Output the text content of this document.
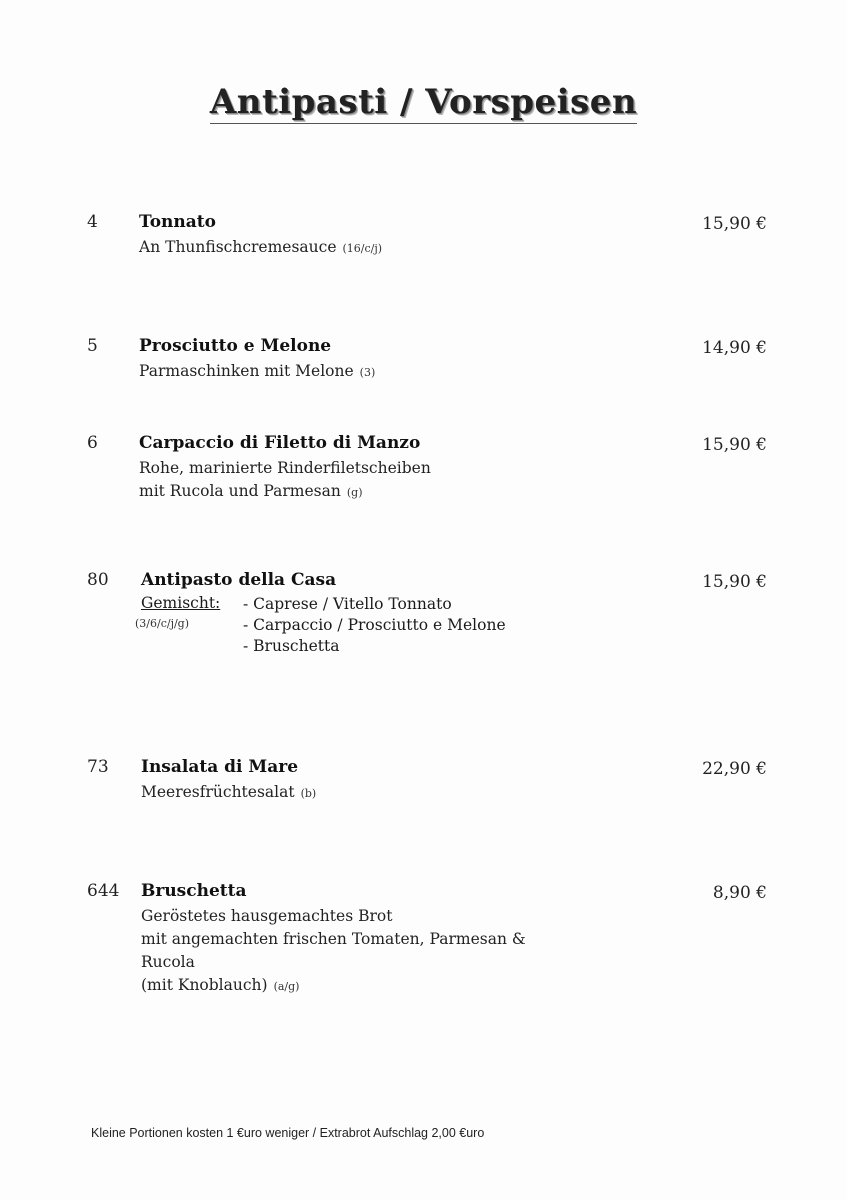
Antipasti / Vorspeisen
4 Tonnato	15,90 €
An Thunfischcremesauce (16/c/j)
5 Prosciutto e Melone	14,90 €
Parmaschinken mit Melone (3)
6 Carpaccio di Filetto di Manzo	15,90 €
Rohe, marinierte Rinderfiletscheiben
mit Rucola und Parmesan (g)
80 Antipasto della Casa	15,90 €
Gemischt:
(3/6/c/j/g)
- Caprese / Vitello Tonnato
- Carpaccio / Prosciutto e Melone
- Bruschetta
73 Insalata di Mare	22,90 €
Meeresfrüchtesalat (b)
644 Bruschetta	8,90 €
Geröstetes hausgemachtes Brot
mit angemachten frischen Tomaten, Parmesan &
Rucola
(mit Knoblauch) (a/g)
Kleine Portionen kosten 1 €uro weniger / Extrabrot Aufschlag 2,00 €uro
